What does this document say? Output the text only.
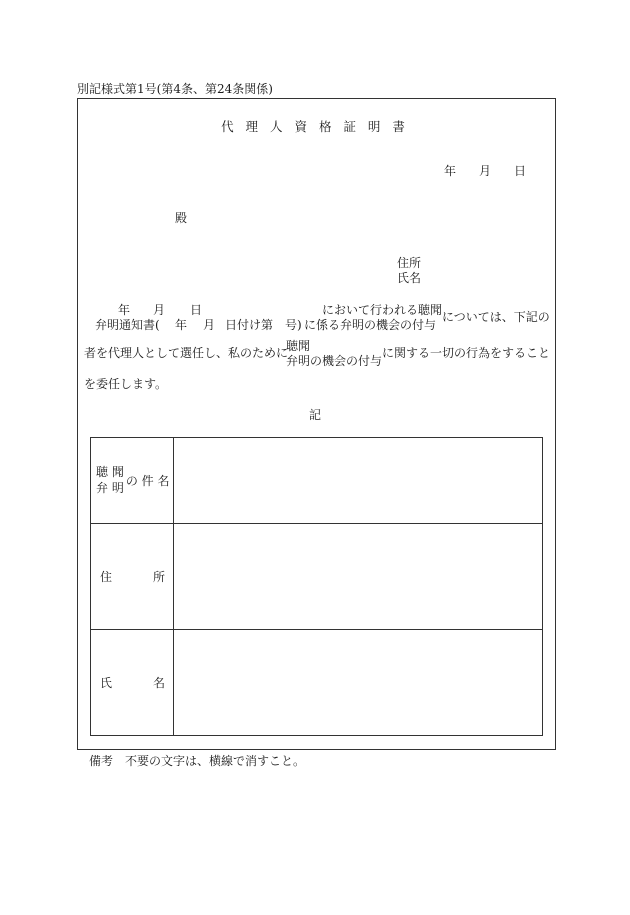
別記様式第1号(第4条、第24条関係)
代 理 人 資 格 証 明 書
年 月 日
殿
住所
氏名
年 月 日
弁明通知書( 年 月 日付け第 号)
において行われる聴聞
に係る弁明の機会の付与
については、下記の
者を代理人として選任し、私のために
聴聞
弁明の機会の付与
に関する一切の行為をすること
を委任します。
記
聴 聞
弁 明 の 件 名	

住 所	

氏 名	

備考　不要の文字は、横線で消すこと。
